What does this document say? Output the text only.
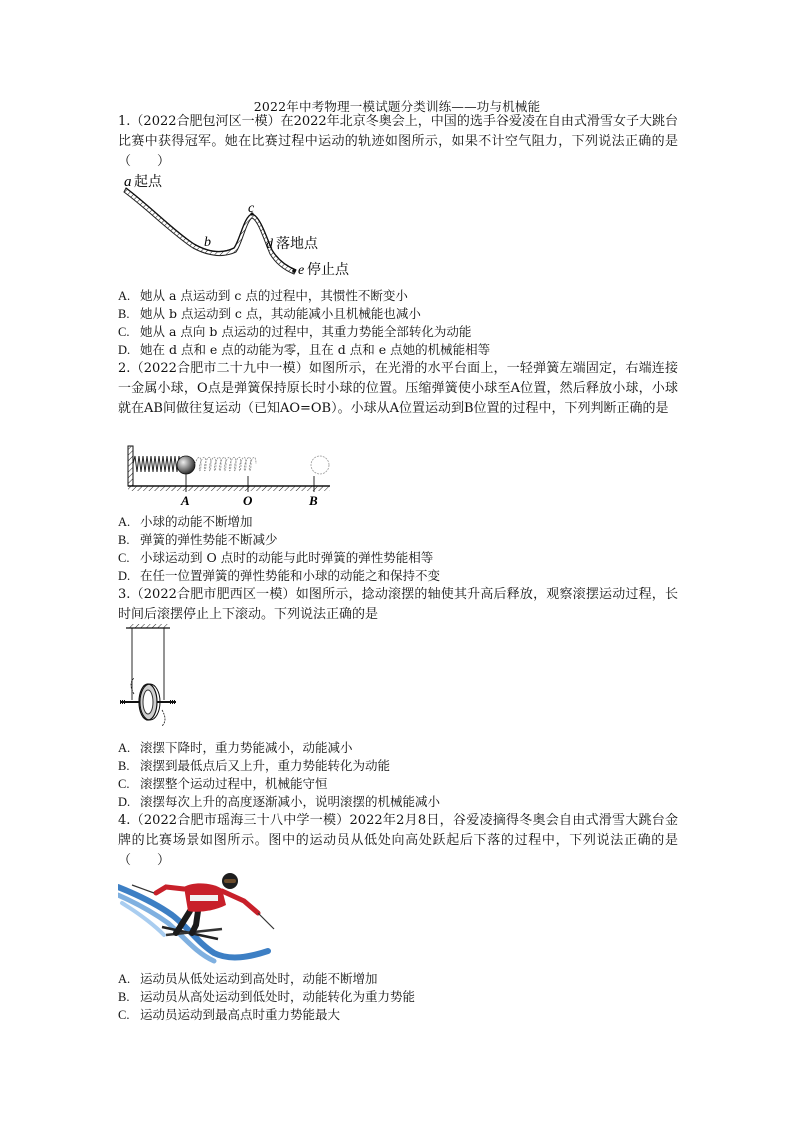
2022年中考物理一模试题分类训练——功与机械能
1.（2022合肥包河区一模）在2022年北京冬奥会上，中国的选手谷爱凌在自由式滑雪女子大跳台比赛中获得冠军。她在比赛过程中运动的轨迹如图所示，如果不计空气阻力，下列说法正确的是（　　）
a 起点
b
c
d 落地点
e 停止点
A. 她从 a 点运动到 c 点的过程中，其惯性不断变小
B. 她从 b 点运动到 c 点，其动能减小且机械能也减小
C. 她从 a 点向 b 点运动的过程中，其重力势能全部转化为动能
D. 她在 d 点和 e 点的动能为零，且在 d 点和 e 点她的机械能相等
2.（2022合肥市二十九中一模）如图所示，在光滑的水平台面上，一轻弹簧左端固定，右端连接一金属小球，O点是弹簧保持原长时小球的位置。压缩弹簧使小球至A位置，然后释放小球，小球就在AB间做往复运动（已知AO=OB）。小球从A位置运动到B位置的过程中，下列判断正确的是
A	O	B
A. 小球的动能不断增加
B. 弹簧的弹性势能不断减少
C. 小球运动到 O 点时的动能与此时弹簧的弹性势能相等
D. 在任一位置弹簧的弹性势能和小球的动能之和保持不变
3.（2022合肥市肥西区一模）如图所示，捻动滚摆的轴使其升高后释放，观察滚摆运动过程，长时间后滚摆停止上下滚动。下列说法正确的是
A. 滚摆下降时，重力势能减小，动能减小
B. 滚摆到最低点后又上升，重力势能转化为动能
C. 滚摆整个运动过程中，机械能守恒
D. 滚摆每次上升的高度逐渐减小，说明滚摆的机械能减小
4.（2022合肥市瑶海三十八中学一模）2022年2月8日，谷爱凌摘得冬奥会自由式滑雪大跳台金牌的比赛场景如图所示。图中的运动员从低处向高处跃起后下落的过程中，下列说法正确的是（　　）
A. 运动员从低处运动到高处时，动能不断增加
B. 运动员从高处运动到低处时，动能转化为重力势能
C. 运动员运动到最高点时重力势能最大
